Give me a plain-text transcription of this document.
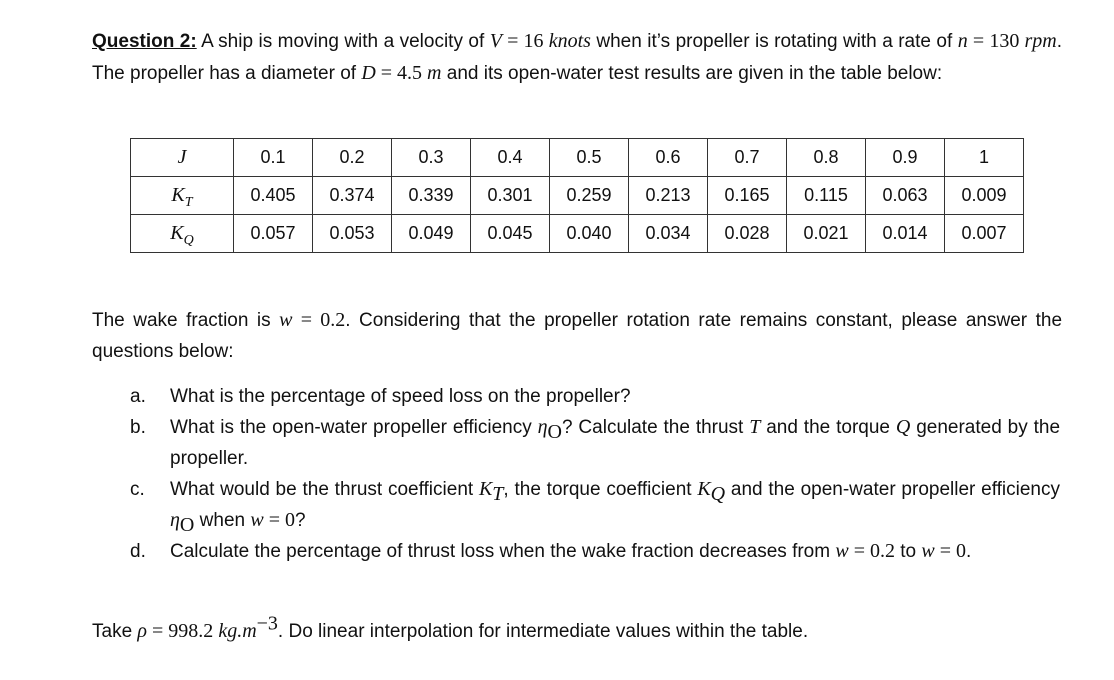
Question 2: A ship is moving with a velocity of V = 16 knots when it’s propeller is rotating with a rate of n = 130 rpm. The propeller has a diameter of D = 4.5 m and its open-water test results are given in the table below:

J	0.1	0.2	0.3	0.4	0.5	0.6	0.7	0.8	0.9	1
$K_T$	0.405	0.374	0.339	0.301	0.259	0.213	0.165	0.115	0.063	0.009
$K_Q$	0.057	0.053	0.049	0.045	0.040	0.034	0.028	0.021	0.014	0.007

The wake fraction is w = 0.2. Considering that the propeller rotation rate remains constant, please answer the questions below:

a.	What is the percentage of speed loss on the propeller?
b.	What is the open-water propeller efficiency $\eta_O$? Calculate the thrust T and the torque Q generated by the propeller.
c.	What would be the thrust coefficient $K_T$, the torque coefficient $K_Q$ and the open-water propeller efficiency $\eta_O$ when w = 0?
d.	Calculate the percentage of thrust loss when the wake fraction decreases from w = 0.2 to w = 0.

Take ρ = 998.2 $kg.m^{-3}$. Do linear interpolation for intermediate values within the table.
